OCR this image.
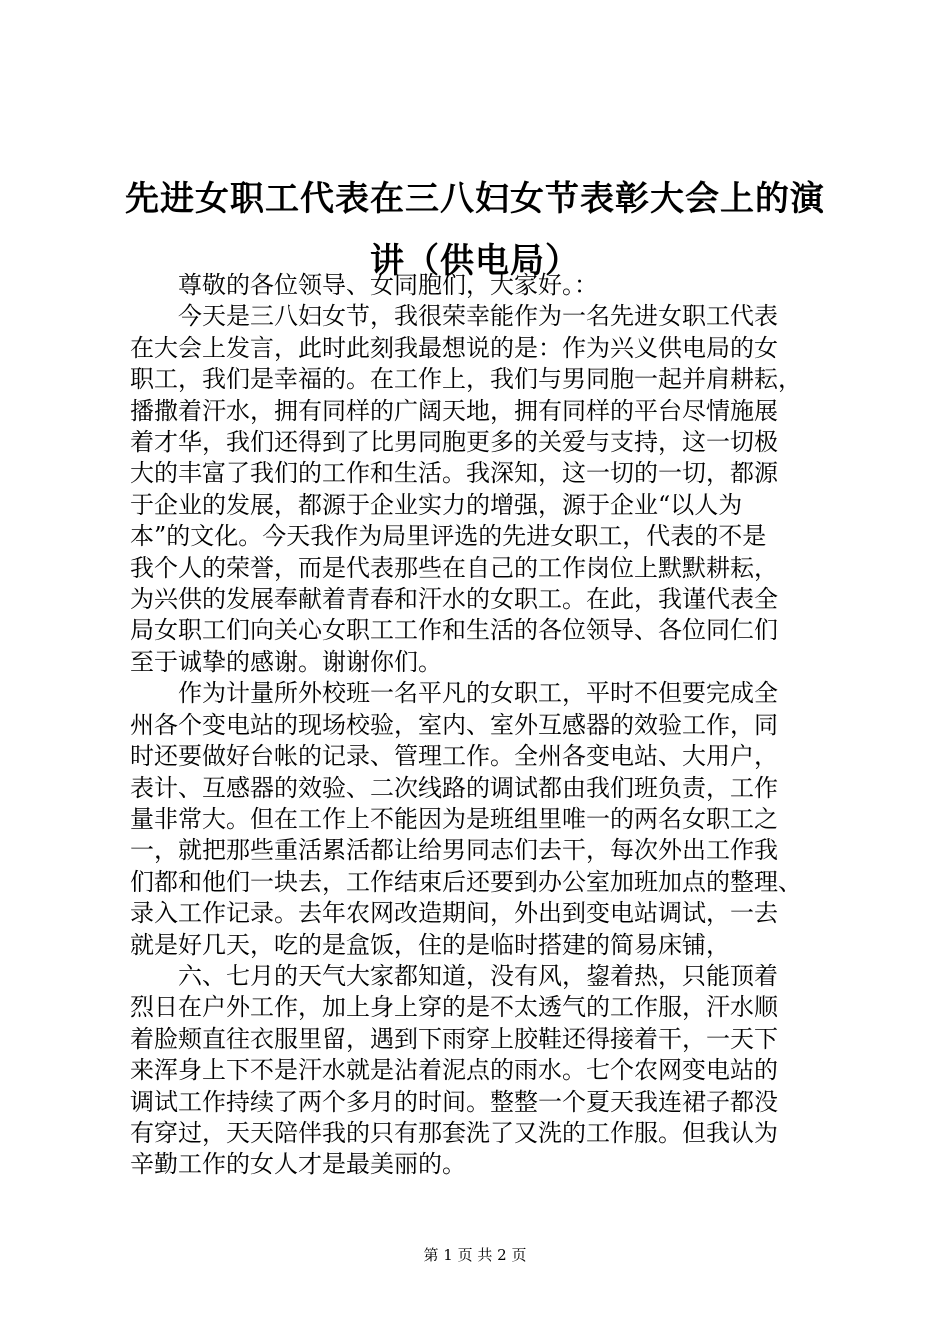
先进女职工代表在三八妇女节表彰大会上的演
讲（供电局）

尊敬的各位领导、女同胞们，大家好。：

今天是三八妇女节，我很荣幸能作为一名先进女职工代表
在大会上发言，此时此刻我最想说的是：作为兴义供电局的女
职工，我们是幸福的。在工作上，我们与男同胞一起并肩耕耘，
播撒着汗水，拥有同样的广阔天地，拥有同样的平台尽情施展
着才华，我们还得到了比男同胞更多的关爱与支持，这一切极
大的丰富了我们的工作和生活。我深知，这一切的一切，都源
于企业的发展，都源于企业实力的增强，源于企业“以人为
本”的文化。今天我作为局里评选的先进女职工，代表的不是
我个人的荣誉，而是代表那些在自己的工作岗位上默默耕耘，
为兴供的发展奉献着青春和汗水的女职工。在此，我谨代表全
局女职工们向关心女职工工作和生活的各位领导、各位同仁们
至于诚挚的感谢。谢谢你们。

作为计量所外校班一名平凡的女职工，平时不但要完成全
州各个变电站的现场校验，室内、室外互感器的效验工作，同
时还要做好台帐的记录、管理工作。全州各变电站、大用户，
表计、互感器的效验、二次线路的调试都由我们班负责，工作
量非常大。但在工作上不能因为是班组里唯一的两名女职工之
一，就把那些重活累活都让给男同志们去干，每次外出工作我
们都和他们一块去，工作结束后还要到办公室加班加点的整理、
录入工作记录。去年农网改造期间，外出到变电站调试，一去
就是好几天，吃的是盒饭，住的是临时搭建的简易床铺，

六、七月的天气大家都知道，没有风，鋆着热，只能顶着
烈日在户外工作，加上身上穿的是不太透气的工作服，汗水顺
着脸颊直往衣服里留，遇到下雨穿上胶鞋还得接着干，一天下
来浑身上下不是汗水就是沾着泥点的雨水。七个农网变电站的
调试工作持续了两个多月的时间。整整一个夏天我连裙子都没
有穿过，天天陪伴我的只有那套洗了又洗的工作服。但我认为
辛勤工作的女人才是最美丽的。

第 1 页 共 2 页
